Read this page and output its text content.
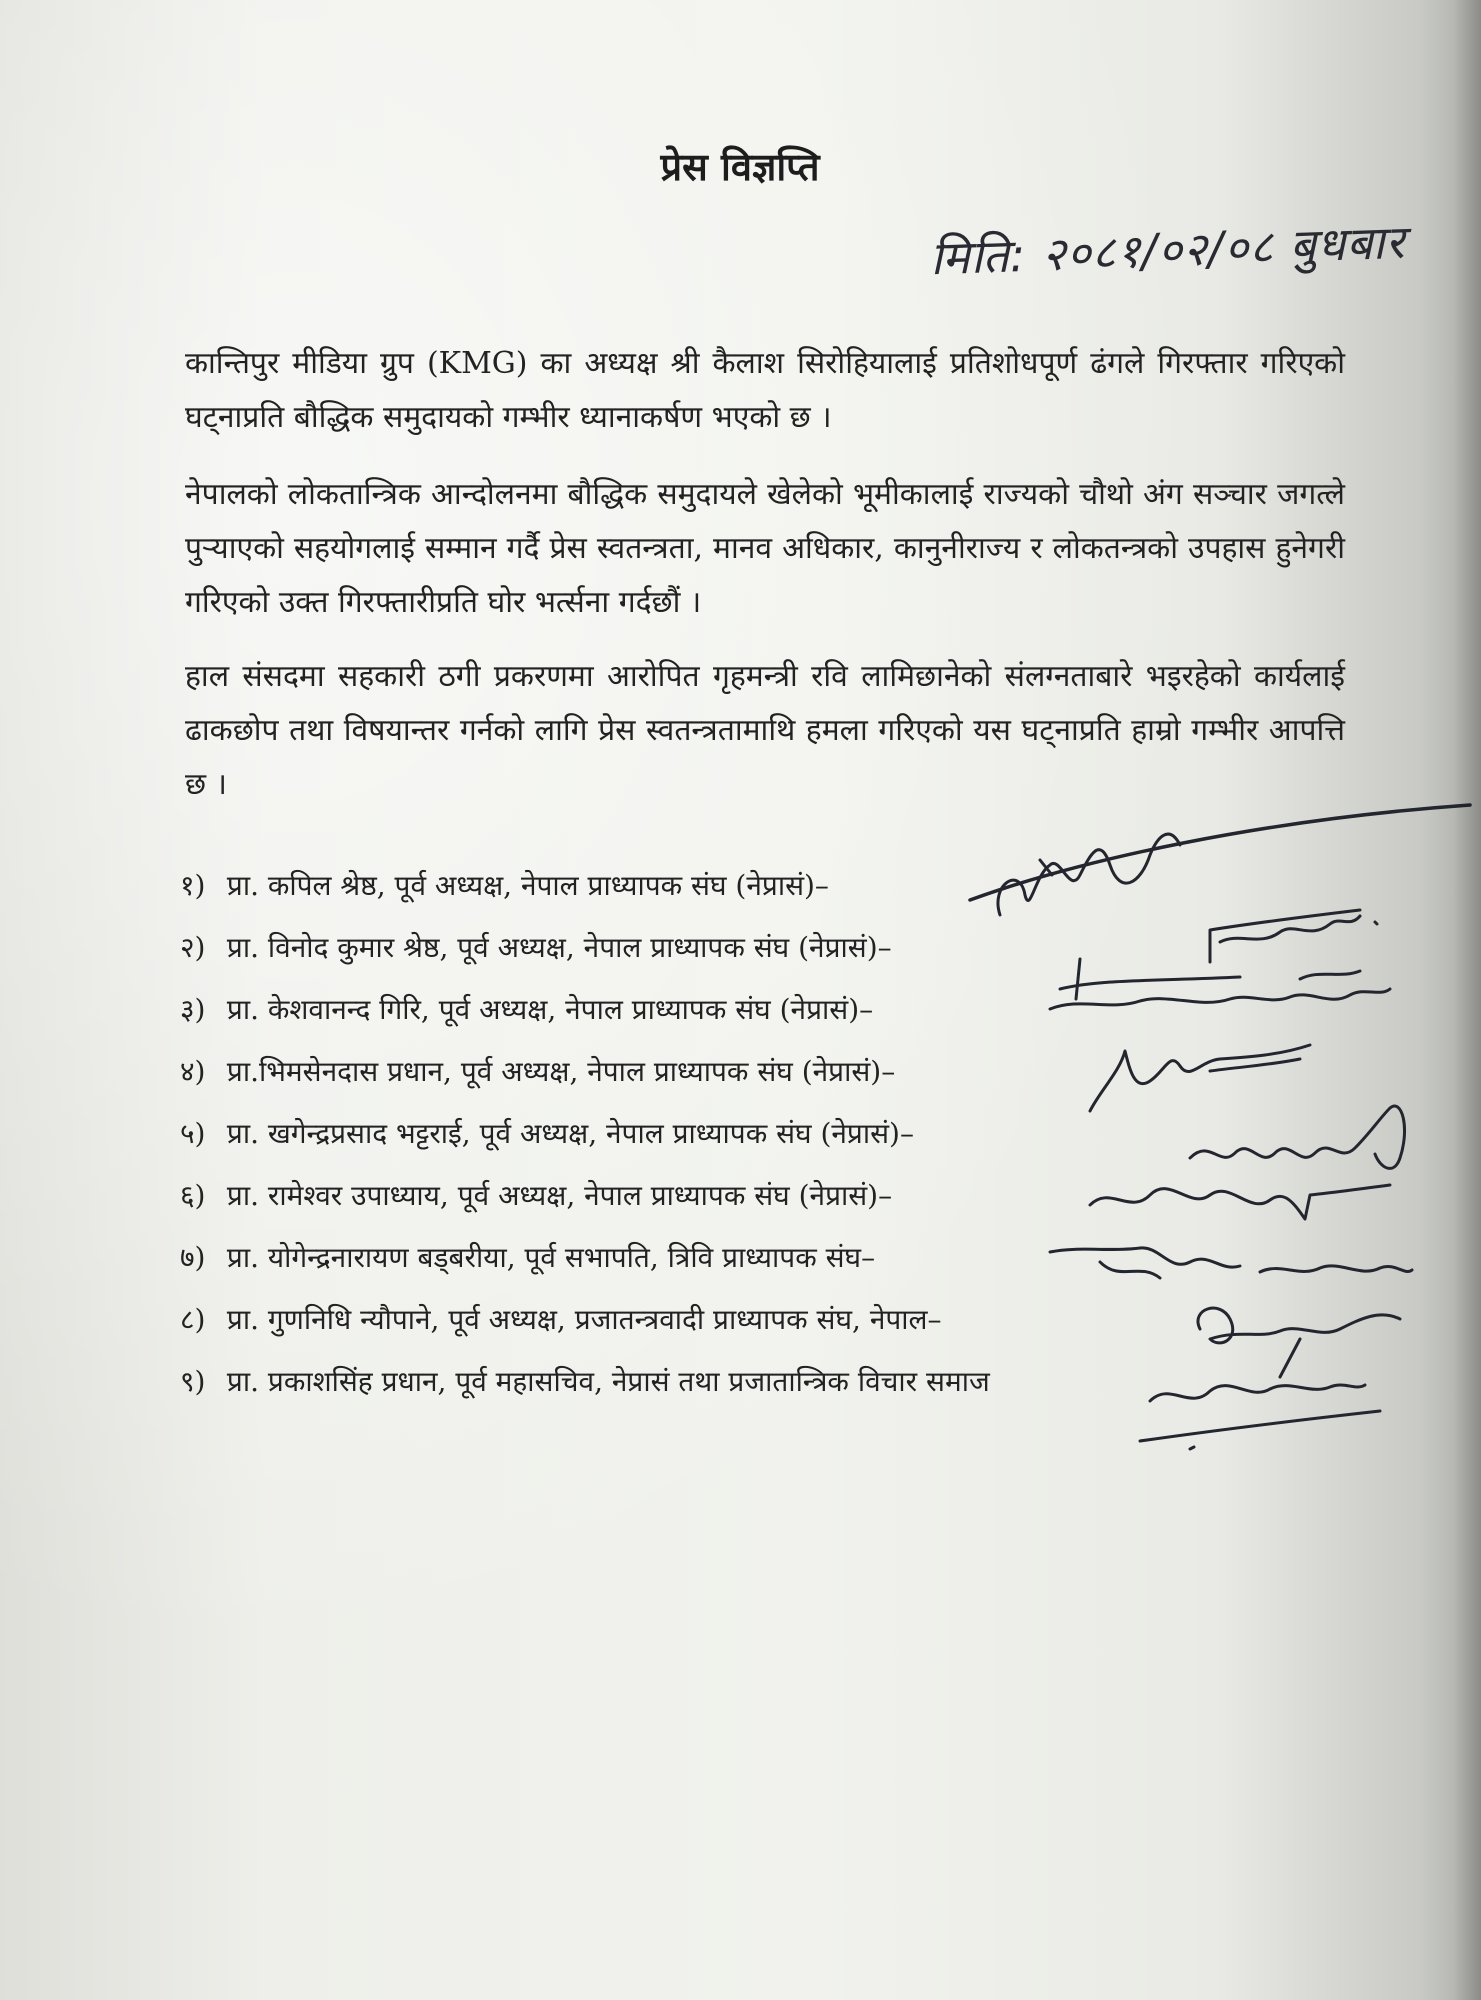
प्रेस विज्ञप्ति
मिति: २०८१/०२/०८ बुधबार

कान्तिपुर मीडिया ग्रुप (KMG) का अध्यक्ष श्री कैलाश सिरोहियालाई प्रतिशोधपूर्ण ढंगले गिरफ्तार गरिएको घट्नाप्रति बौद्धिक समुदायको गम्भीर ध्यानाकर्षण भएको छ ।

नेपालको लोकतान्त्रिक आन्दोलनमा बौद्धिक समुदायले खेलेको भूमीकालाई राज्यको चौथो अंग सञ्चार जगत्ले पुऱ्याएको सहयोगलाई सम्मान गर्दै प्रेस स्वतन्त्रता, मानव अधिकार, कानुनीराज्य र लोकतन्त्रको उपहास हुनेगरी गरिएको उक्त गिरफ्तारीप्रति घोर भर्त्सना गर्दछौं ।

हाल संसदमा सहकारी ठगी प्रकरणमा आरोपित गृहमन्त्री रवि लामिछानेको संलग्नताबारे भइरहेको कार्यलाई ढाकछोप तथा विषयान्तर गर्नको लागि प्रेस स्वतन्त्रतामाथि हमला गरिएको यस घट्नाप्रति हाम्रो गम्भीर आपत्ति छ ।

१) प्रा. कपिल श्रेष्ठ, पूर्व अध्यक्ष, नेपाल प्राध्यापक संघ (नेप्रासं)–
२) प्रा. विनोद कुमार श्रेष्ठ, पूर्व अध्यक्ष, नेपाल प्राध्यापक संघ (नेप्रासं)–
३) प्रा. केशवानन्द गिरि, पूर्व अध्यक्ष, नेपाल प्राध्यापक संघ (नेप्रासं)–
४) प्रा.भिमसेनदास प्रधान, पूर्व अध्यक्ष, नेपाल प्राध्यापक संघ (नेप्रासं)–
५) प्रा. खगेन्द्रप्रसाद भट्टराई, पूर्व अध्यक्ष, नेपाल प्राध्यापक संघ (नेप्रासं)–
६) प्रा. रामेश्वर उपाध्याय, पूर्व अध्यक्ष, नेपाल प्राध्यापक संघ (नेप्रासं)–
७) प्रा. योगेन्द्रनारायण बड्बरीया, पूर्व सभापति, त्रिवि प्राध्यापक संघ–
८) प्रा. गुणनिधि न्यौपाने, पूर्व अध्यक्ष, प्रजातन्त्रवादी प्राध्यापक संघ, नेपाल–
९) प्रा. प्रकाशसिंह प्रधान, पूर्व महासचिव, नेप्रासं तथा प्रजातान्त्रिक विचार समाज
